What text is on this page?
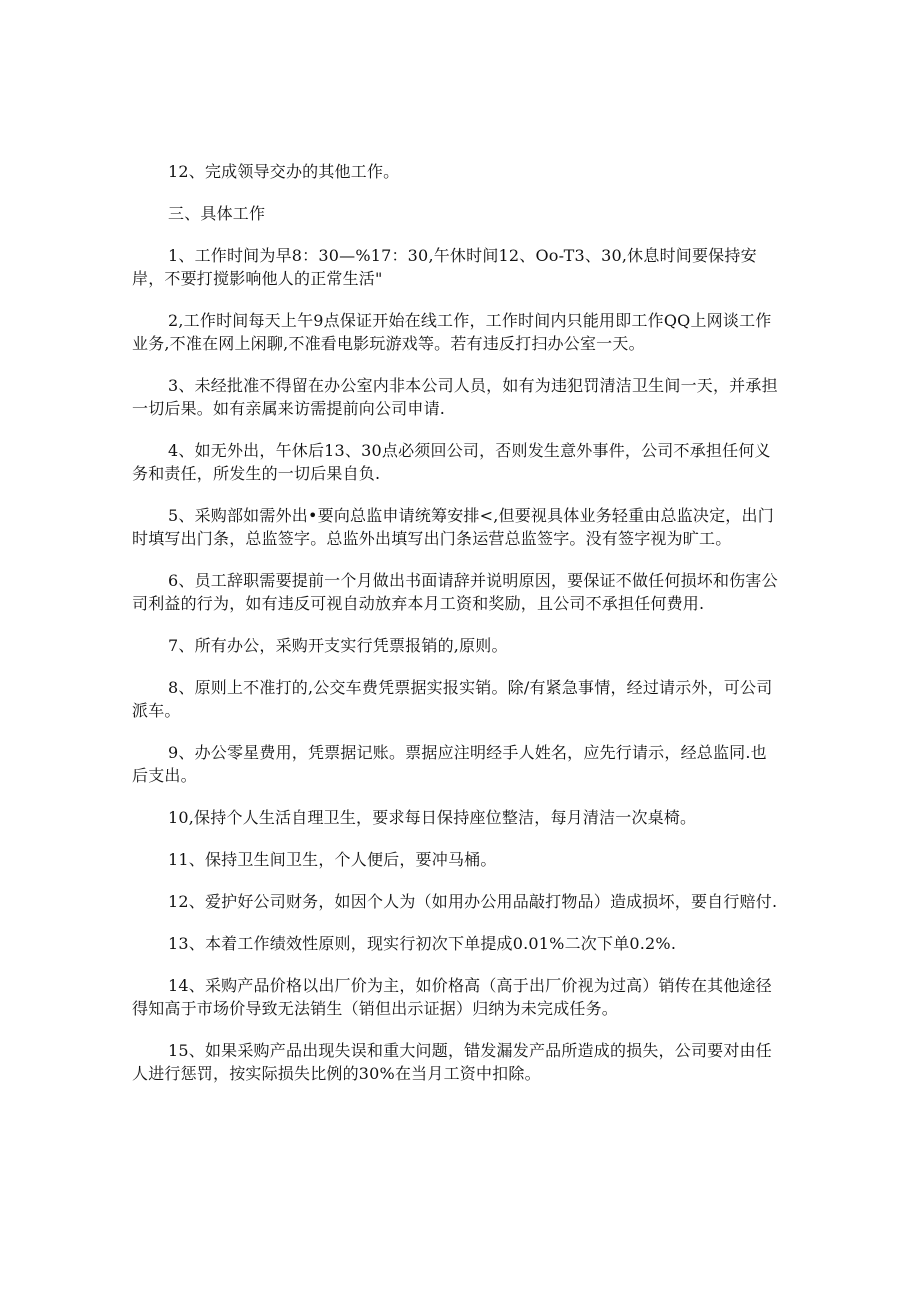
12、完成领导交办的其他工作。

三、具体工作

1、工作时间为早8：30—%17：30,午休时间12、Oo-T3、30,休息时间要保持安岸，不要打搅影响他人的正常生活"

2,工作时间每天上午9点保证开始在线工作，工作时间内只能用即工作QQ上网谈工作业务,不准在网上闲聊,不准看电影玩游戏等。若有违反打扫办公室一天。

3、未经批准不得留在办公室内非本公司人员，如有为违犯罚清洁卫生间一天，并承担一切后果。如有亲属来访需提前向公司申请.

4、如无外出，午休后13、30点必须回公司，否则发生意外事件，公司不承担任何义务和责任，所发生的一切后果自负.

5、采购部如需外出•要向总监申请统筹安排<,但要视具体业务轻重由总监决定，出门时填写出门条，总监签字。总监外出填写出门条运营总监签字。没有签字视为旷工。

6、员工辞职需要提前一个月做出书面请辞并说明原因，要保证不做任何损坏和伤害公司利益的行为，如有违反可视自动放弃本月工资和奖励，且公司不承担任何费用.

7、所有办公，采购开支实行凭票报销的,原则。

8、原则上不准打的,公交车费凭票据实报实销。除/有紧急事情，经过请示外，可公司派车。

9、办公零星费用，凭票据记账。票据应注明经手人姓名，应先行请示，经总监同.也后支出。

10,保持个人生活自理卫生，要求每日保持座位整洁，每月清洁一次桌椅。

11、保持卫生间卫生，个人便后，要冲马桶。

12、爱护好公司财务，如因个人为（如用办公用品敲打物品）造成损坏，要自行赔付.

13、本着工作绩效性原则，现实行初次下单提成0.01%二次下单0.2%.

14、采购产品价格以出厂价为主，如价格高（高于出厂价视为过高）销传在其他途径得知高于市场价导致无法销生（销但出示证据）归纳为未完成任务。

15、如果采购产品出现失误和重大问题，错发漏发产品所造成的损失，公司要对由任人进行惩罚，按实际损失比例的30%在当月工资中扣除。
